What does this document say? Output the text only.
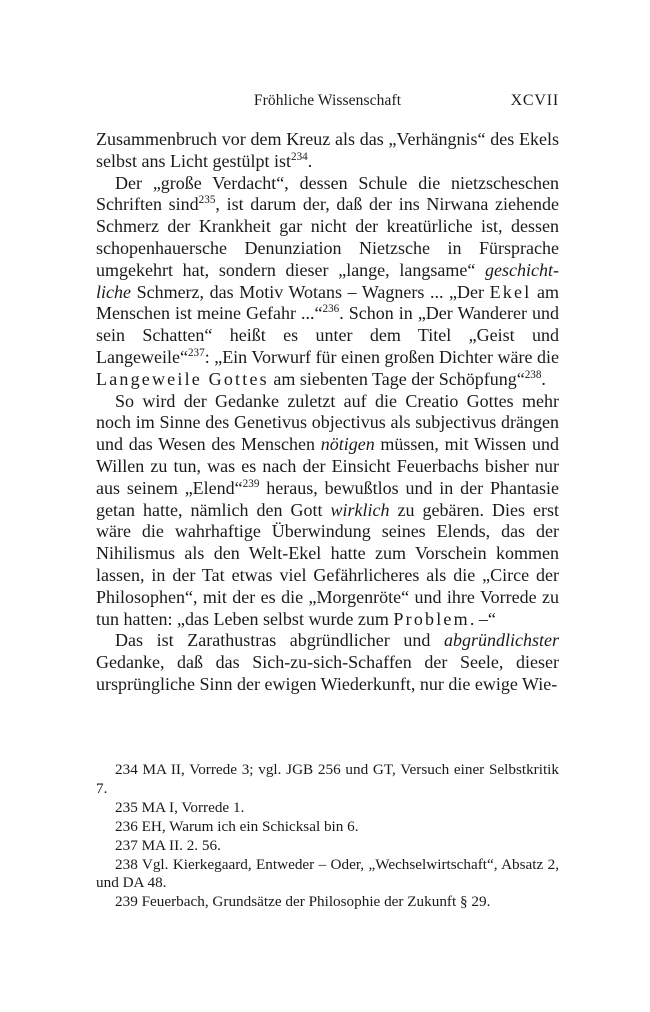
Fröhliche Wissenschaft	XCVII

Zusammenbruch vor dem Kreuz als das „Verhängnis“ des Ekels selbst ans Licht gestülpt ist$^{234}$.

Der „große Verdacht“, dessen Schule die nietzscheschen Schriften sind$^{235}$, ist darum der, daß der ins Nirwana ziehende Schmerz der Krankheit gar nicht der kreatürliche ist, dessen schopenhauersche Denunziation Nietzsche in Fürsprache umgekehrt hat, sondern dieser „lange, langsame“ geschicht-liche Schmerz, das Motiv Wotans – Wagners ... „Der Ekel am Menschen ist meine Gefahr ...“$^{236}$. Schon in „Der Wanderer und sein Schatten“ heißt es unter dem Titel „Geist und Langeweile“$^{237}$: „Ein Vorwurf für einen großen Dichter wäre die Langeweile Gottes am siebenten Tage der Schöpfung“$^{238}$.

So wird der Gedanke zuletzt auf die Creatio Gottes mehr noch im Sinne des Genetivus objectivus als subjectivus drängen und das Wesen des Menschen nötigen müssen, mit Wissen und Willen zu tun, was es nach der Einsicht Feuerbachs bisher nur aus seinem „Elend“$^{239}$ heraus, bewußtlos und in der Phantasie getan hatte, nämlich den Gott wirklich zu gebären. Dies erst wäre die wahrhaftige Überwindung seines Elends, das der Nihilismus als den Welt-Ekel hatte zum Vorschein kommen lassen, in der Tat etwas viel Gefährlicheres als die „Circe der Philosophen“, mit der es die „Morgenröte“ und ihre Vorrede zu tun hatten: „das Leben selbst wurde zum Problem. –“

Das ist Zarathustras abgründlicher und abgründlichster Gedanke, daß das Sich-zu-sich-Schaffen der Seele, dieser ursprüngliche Sinn der ewigen Wiederkunft, nur die ewige Wie-

234 MA II, Vorrede 3; vgl. JGB 256 und GT, Versuch einer Selbstkritik 7.

235 MA I, Vorrede 1.

236 EH, Warum ich ein Schicksal bin 6.

237 MA II. 2. 56.

238 Vgl. Kierkegaard, Entweder – Oder, „Wechselwirtschaft“, Absatz 2, und DA 48.

239 Feuerbach, Grundsätze der Philosophie der Zukunft § 29.
